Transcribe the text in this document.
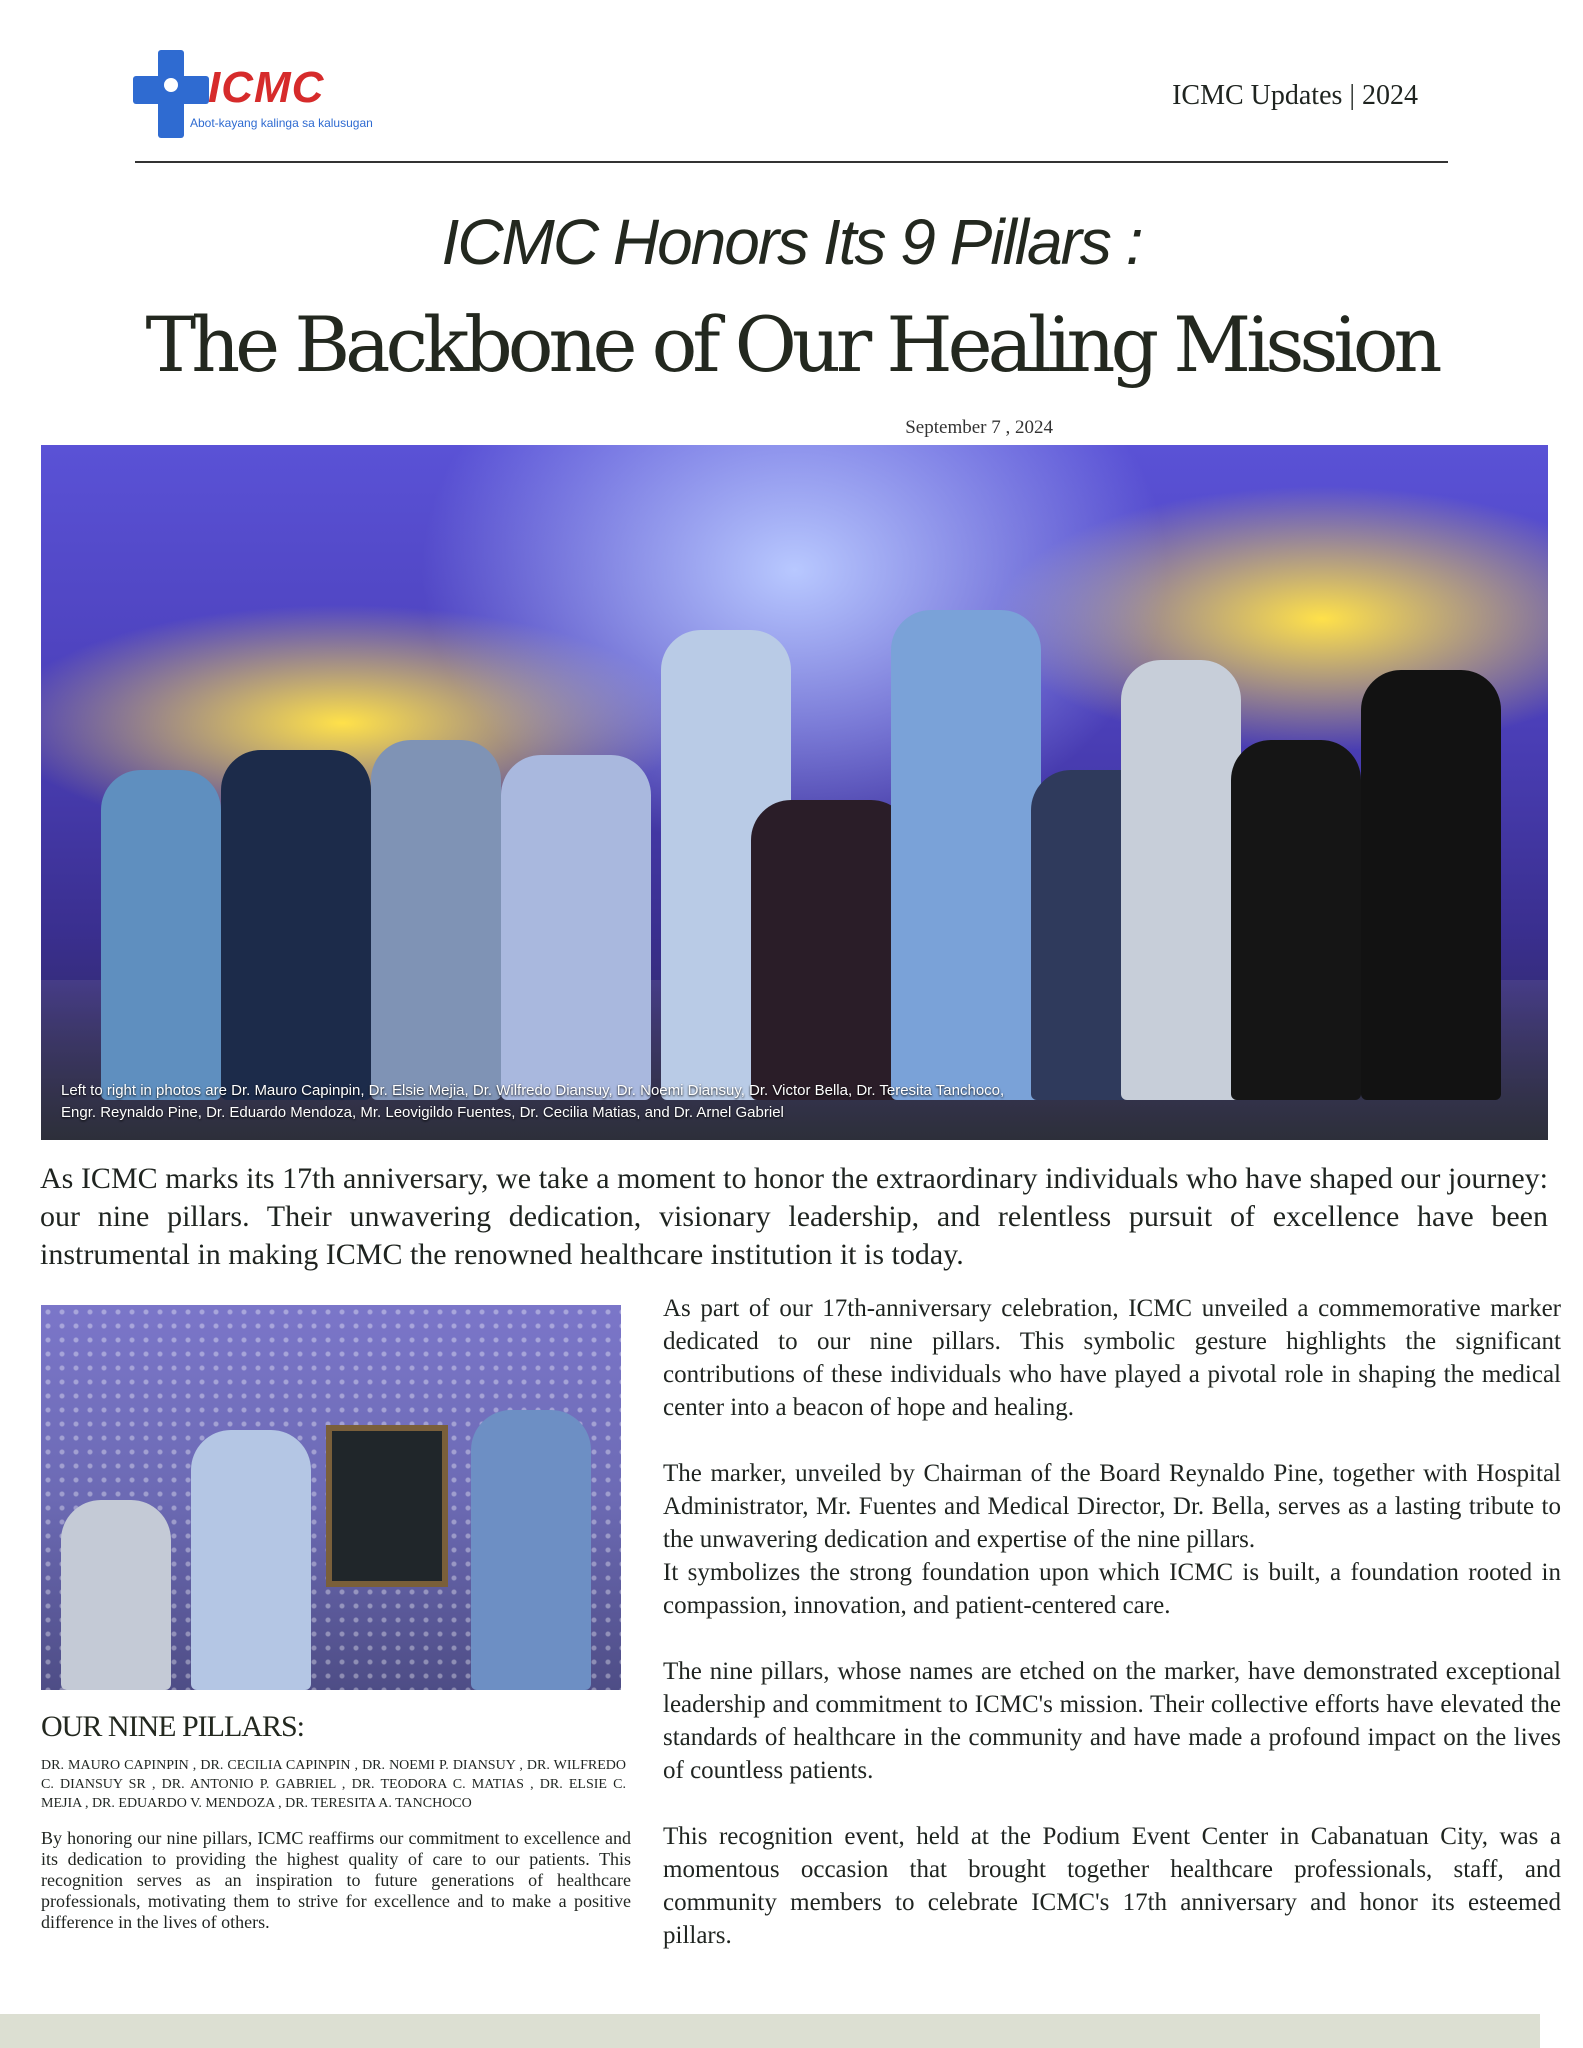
ICMC
Abot-kayang kalinga sa kalusugan
ICMC Updates | 2024
ICMC Honors Its 9 Pillars :
The Backbone of Our Healing Mission
September 7 , 2024
Left to right in photos are Dr. Mauro Capinpin, Dr. Elsie Mejia, Dr. Wilfredo Diansuy, Dr. Noemi Diansuy, Dr. Victor Bella, Dr. Teresita Tanchoco,
Engr. Reynaldo Pine, Dr. Eduardo Mendoza, Mr. Leovigildo Fuentes, Dr. Cecilia Matias, and Dr. Arnel Gabriel
As ICMC marks its 17th anniversary, we take a moment to honor the extraordinary individuals who have shaped our journey: our nine pillars. Their unwavering dedication, visionary leadership, and relentless pursuit of excellence have been instrumental in making ICMC the renowned healthcare institution it is today.
OUR NINE PILLARS:
DR. MAURO CAPINPIN , DR. CECILIA CAPINPIN , DR. NOEMI P. DIANSUY , DR. WILFREDO C. DIANSUY SR , DR. ANTONIO P. GABRIEL , DR. TEODORA C. MATIAS , DR. ELSIE C. MEJIA , DR. EDUARDO V. MENDOZA , DR. TERESITA A. TANCHOCO
By honoring our nine pillars, ICMC reaffirms our commitment to excellence and its dedication to providing the highest quality of care to our patients. This recognition serves as an inspiration to future generations of healthcare professionals, motivating them to strive for excellence and to make a positive difference in the lives of others.

As part of our 17th-anniversary celebration, ICMC unveiled a commemorative marker dedicated to our nine pillars. This symbolic gesture highlights the significant contributions of these individuals who have played a pivotal role in shaping the medical center into a beacon of hope and healing.

The marker, unveiled by Chairman of the Board Reynaldo Pine, together with Hospital Administrator, Mr. Fuentes and Medical Director, Dr. Bella, serves as a lasting tribute to the unwavering dedication and expertise of the nine pillars.

It symbolizes the strong foundation upon which ICMC is built, a foundation rooted in compassion, innovation, and patient-centered care.

The nine pillars, whose names are etched on the marker, have demonstrated exceptional leadership and commitment to ICMC's mission. Their collective efforts have elevated the standards of healthcare in the community and have made a profound impact on the lives of countless patients.

This recognition event, held at the Podium Event Center in Cabanatuan City, was a momentous occasion that brought together healthcare professionals, staff, and community members to celebrate ICMC's 17th anniversary and honor its esteemed pillars.
